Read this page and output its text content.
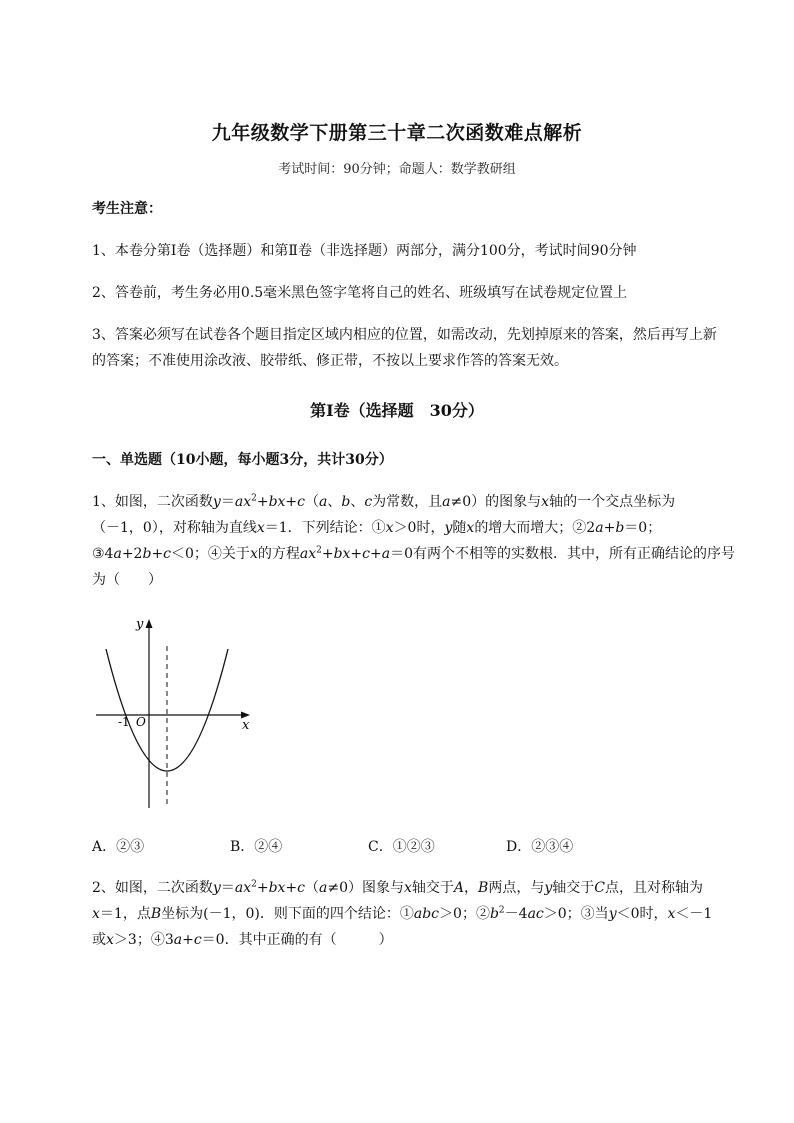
九年级数学下册第三十章二次函数难点解析
考试时间：90分钟；命题人：数学教研组
考生注意：
1、本卷分第I卷（选择题）和第Ⅱ卷（非选择题）两部分，满分100分，考试时间90分钟
2、答卷前，考生务必用0.5毫米黑色签字笔将自己的姓名、班级填写在试卷规定位置上
3、答案必须写在试卷各个题目指定区域内相应的位置，如需改动，先划掉原来的答案，然后再写上新
的答案；不准使用涂改液、胶带纸、修正带，不按以上要求作答的答案无效。
第I卷（选择题　30分）
一、单选题（10小题，每小题3分，共计30分）
1、如图，二次函数$y=ax^2+bx+c(a$、b、c为常数，且a≠0）的图象与x轴的一个交点坐标为
（－1，0），对称轴为直线x＝1．下列结论：①x＞0时，y随x的增大而增大；②2a+b＝0；
③4a+2b+c＜0；④关于x的方程$ax^2+bx+c+a=0$有两个不相等的实数根．其中，所有正确结论的序号
为（　　）
y
x
-1 O
A．②③	B．②④	C．①②③	D．②③④
2、如图，二次函数$y=ax^2+bx+c(a\ne 0)$图象与x轴交于A，B两点，与y轴交于C点，且对称轴为
x＝1，点B坐标为(－1，0)．则下面的四个结论：①abc＞0；$②b^2-4ac>0$；③当y＜0时，x＜－1
或x＞3；④3a+c＝0．其中正确的有（　　　）
